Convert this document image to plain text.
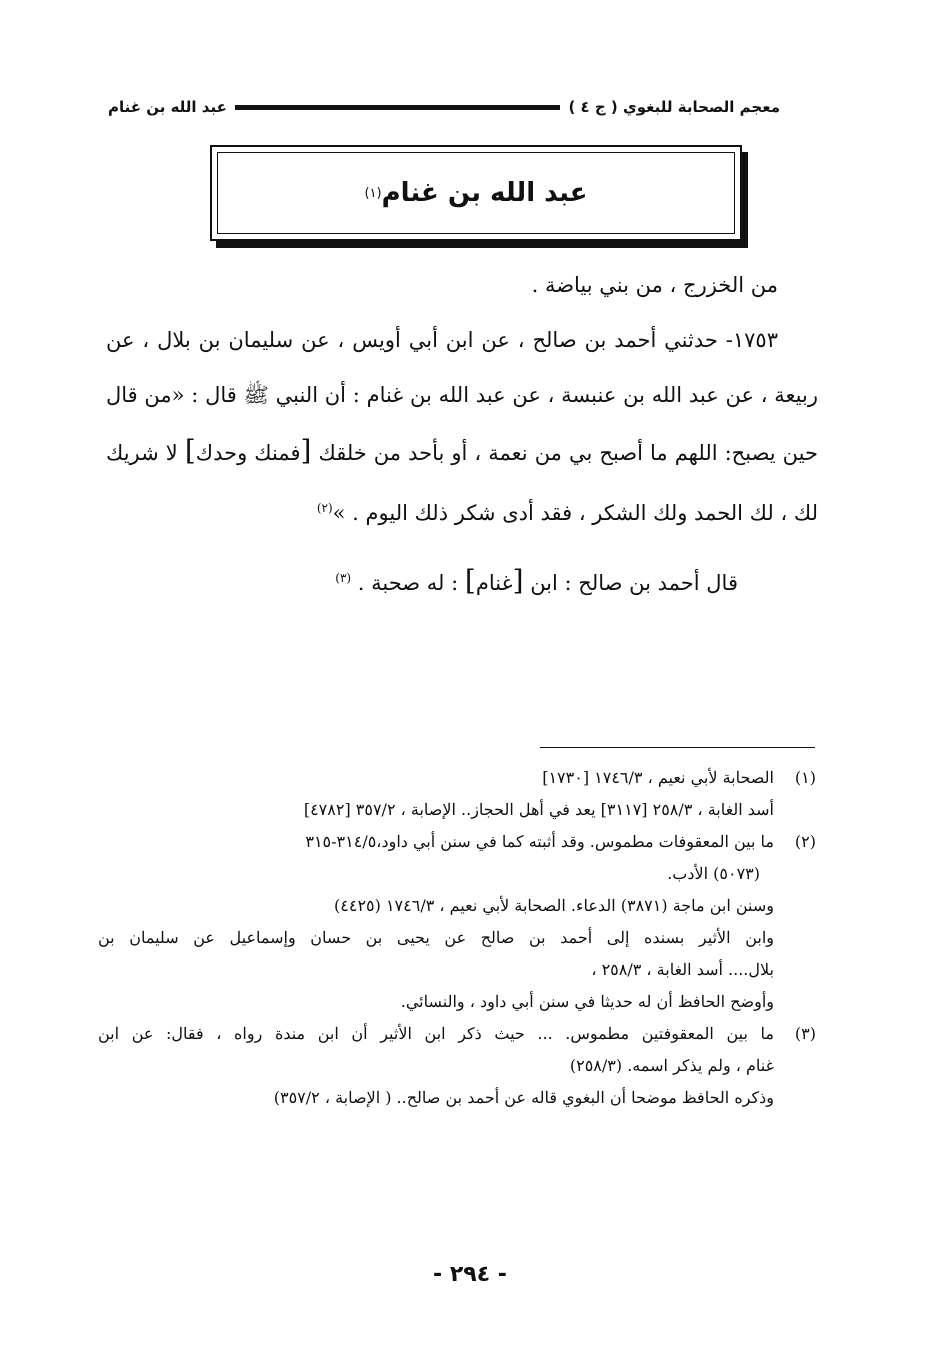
معجم الصحابة للبغوي ( ج ٤ )
عبد الله بن غنام
عبد الله بن غنام
(١)

من الخزرج ، من بني بياضة .

١٧٥٣- حدثني أحمد بن صالح ، عن ابن أبي أويس ، عن سليمان بن بلال ، عن ربيعة ، عن عبد الله بن عنبسة ، عن عبد الله بن غنام : أن النبي ﷺ قال : «من قال حين يصبح: اللهم ما أصبح بي من نعمة ، أو بأحد من خلقك [فمنك وحدك] لا شريك لك ، لك الحمد ولك الشكر ، فقد أدى شكر ذلك اليوم . »$^{(٢)}$

قال أحمد بن صالح : ابن [غنام] : له صحبة . $^{(٣)}$

(١)
الصحابة لأبي نعيم ، ١٧٤٦/٣ [١٧٣٠]
أسد الغابة ، ٢٥٨/٣ [٣١١٧] يعد في أهل الحجاز.. الإصابة ، ٣٥٧/٢ [٤٧٨٢]
(٢)
ما بين المعقوفات مطموس. وقد أثبته كما في سنن أبي داود،٣١٤/٥-٣١٥
(٥٠٧٣) الأدب.
وسنن ابن ماجة (٣٨٧١) الدعاء. الصحابة لأبي نعيم ، ١٧٤٦/٣ (٤٤٢٥)
وابن الأثير بسنده إلى أحمد بن صالح عن يحيى بن حسان وإسماعيل عن سليمان بن
بلال.... أسد الغابة ، ٢٥٨/٣ ،
وأوضح الحافظ أن له حديثا في سنن أبي داود ، والنسائي.
(٣)
ما بين المعقوفتين مطموس. ... حيث ذكر ابن الأثير أن ابن مندة رواه ، فقال: عن ابن
غنام ، ولم يذكر اسمه. (٢٥٨/٣)
وذكره الحافظ موضحا أن البغوي قاله عن أحمد بن صالح.. ( الإصابة ، ٣٥٧/٢)
- ٢٩٤ -
